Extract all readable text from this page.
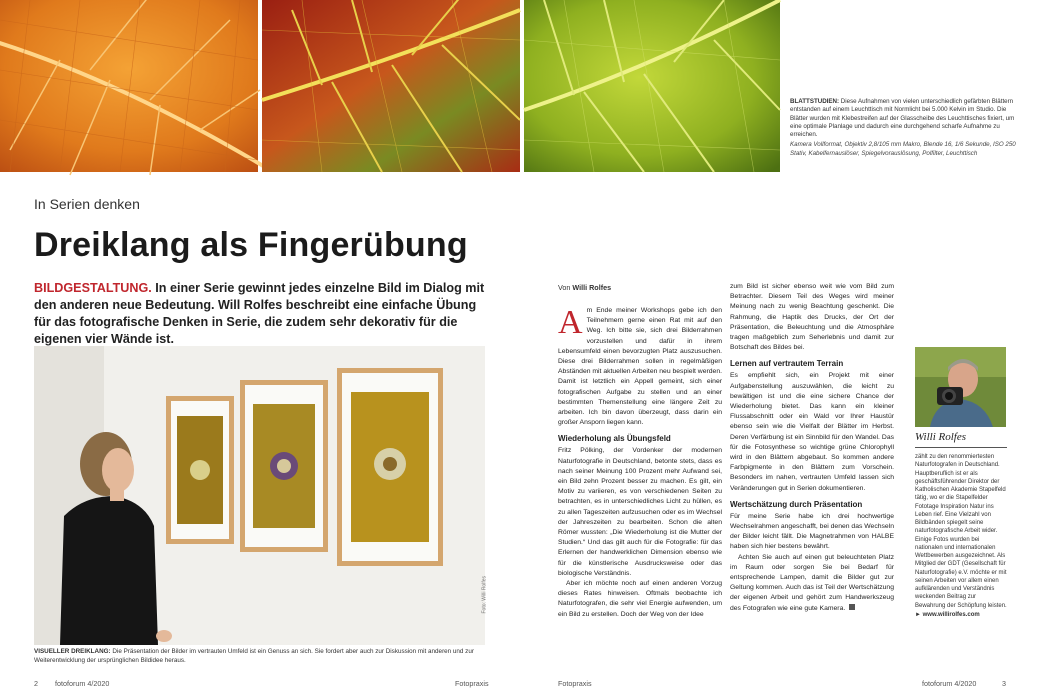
BLATTSTUDIEN: Diese Aufnahmen von vielen unterschiedlich gefärbten Blättern entstanden auf einem Leuchttisch mit Normlicht bei 5.000 Kelvin im Studio. Die Blätter wurden mit Klebestreifen auf der Glasscheibe des Leuchttisches fixiert, um eine optimale Planlage und dadurch eine durchgehend scharfe Aufnahme zu erreichen.
Kamera Vollformat, Objektiv 2,8/105 mm Makro, Blende 16, 1/6 Sekunde, ISO 250 Stativ, Kabelfernauslöser, Spiegelvorauslösung, Polfilter, Leuchttisch
In Serien denken
Dreiklang als Fingerübung
BILDGESTALTUNG. In einer Serie gewinnt jedes einzelne Bild im Dialog mit den anderen neue Bedeutung. Will Rolfes beschreibt eine einfache Übung für das fotografische Denken in Serie, die zudem sehr dekorativ für die eigenen vier Wände ist.
Foto: Willi Rolfes
VISUELLER DREIKLANG: Die Präsentation der Bilder im vertrauten Umfeld ist ein Genuss an sich. Sie fordert aber auch zur Diskussion mit anderen und zur Weiterentwicklung der ursprünglichen Bildidee heraus.
Von Willi Rolfes
A m Ende meiner Workshops gebe ich den Teilnehmern gerne einen Rat mit auf den Weg. Ich bitte sie, sich drei Bilderrahmen vorzustellen und dafür in ihrem Lebensumfeld einen bevorzugten Platz auszusuchen. Diese drei Bilderrahmen sollen in regelmäßigen Abständen mit aktuellen Arbeiten neu bespielt werden. Damit ist letztlich ein Appell gemeint, sich einer fotografischen Aufgabe zu stellen und an einer bestimmten Themenstellung eine längere Zeit zu arbeiten. Ich bin davon überzeugt, dass darin ein großer Ansporn liegen kann.

Wiederholung als Übungsfeld

Fritz Pölking, der Vordenker der modernen Naturfotografie in Deutschland, betonte stets, dass es nach seiner Meinung 100 Prozent mehr Aufwand sei, ein Bild zehn Prozent besser zu machen. Es gilt, ein Motiv zu variieren, es von verschiedenen Seiten zu betrachten, es in unterschiedliches Licht zu hüllen, es zu allen Tageszeiten aufzusuchen oder es im Wechsel der Jahreszeiten zu bearbeiten. Schon die alten Römer wussten: „Die Wiederholung ist die Mutter der Studien.“ Und das gilt auch für die Fotografie: für das Erlernen der handwerklichen Dimension ebenso wie für die künstlerische Ausdrucksweise oder das biologische Verständnis.

Aber ich möchte noch auf einen anderen Vorzug dieses Rates hinweisen. Oftmals beobachte ich Naturfotografen, die sehr viel Energie aufwenden, um ein Bild zu erstellen. Doch der Weg von der Idee

zum Bild ist sicher ebenso weit wie vom Bild zum Betrachter. Diesem Teil des Weges wird meiner Meinung nach zu wenig Beachtung geschenkt. Die Rahmung, die Haptik des Drucks, der Ort der Präsentation, die Beleuchtung und die Atmosphäre tragen maßgeblich zum Seherlebnis und damit zur Botschaft des Bildes bei.

Lernen auf vertrautem Terrain

Es empfiehlt sich, ein Projekt mit einer Aufgabenstellung auszuwählen, die leicht zu bewältigen ist und die eine sichere Chance der Wiederholung bietet. Das kann ein kleiner Flussabschnitt oder ein Wald vor Ihrer Haustür ebenso sein wie die Vielfalt der Blätter im Herbst. Deren Verfärbung ist ein Sinnbild für den Wandel. Das für die Fotosynthese so wichtige grüne Chlorophyll wird in den Blättern abgebaut. So kommen andere Farbpigmente in den Blättern zum Vorschein. Besonders im nahen, vertrauten Umfeld lassen sich Veränderungen gut in Serien dokumentieren.

Wertschätzung durch Präsentation

Für meine Serie habe ich drei hochwertige Wechselrahmen angeschafft, bei denen das Wechseln der Bilder leicht fällt. Die Magnetrahmen von HALBE haben sich hier bestens bewährt.

Achten Sie auch auf einen gut beleuchteten Platz im Raum oder sorgen Sie bei Bedarf für entsprechende Lampen, damit die Bilder gut zur Geltung kommen. Auch das ist Teil der Wertschätzung der eigenen Arbeit und gehört zum Handwerkszeug des Fotografen wie eine gute Kamera.

Willi Rolfes
zählt zu den renommiertesten Naturfotografen in Deutschland. Hauptberuflich ist er als geschäftsführender Direktor der Katholischen Akademie Stapelfeld tätig, wo er die Stapelfelder Fototage Inspiration Natur ins Leben rief. Eine Vielzahl von Bildbänden spiegelt seine naturfotografische Arbeit wider. Einige Fotos wurden bei nationalen und internationalen Wettbewerben ausgezeichnet. Als Mitglied der GDT (Gesellschaft für Naturfotografie) e.V. möchte er mit seinen Arbeiten vor allem einen aufklärenden und Verständnis weckenden Beitrag zur Bewahrung der Schöpfung leisten.
► www.willirolfes.com
2 fotoforum 4/2020	Fotopraxis	Fotopraxis	fotoforum 4/2020	3
